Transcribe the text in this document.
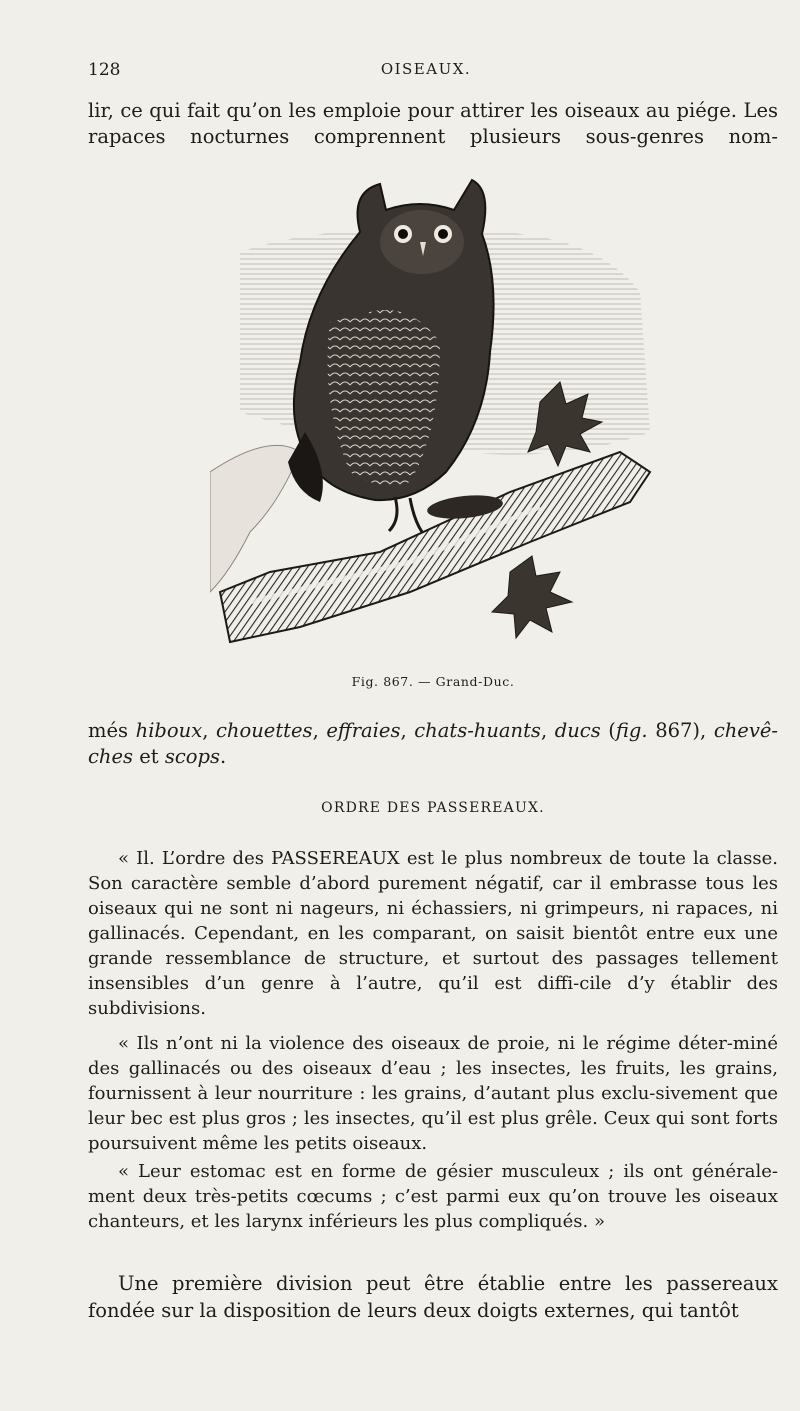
128	OISEAUX.

lir, ce qui fait qu’on les emploie pour attirer les oiseaux au piége. Les rapaces nocturnes comprennent plusieurs sous-genres nom-

Fig. 867. — Grand-Duc.

més hiboux, chouettes, effraies, chats-huants, ducs (fig. 867), chevê-ches et scops.

ORDRE DES PASSEREAUX.

« Il. L’ordre des PASSEREAUX est le plus nombreux de toute la classe. Son caractère semble d’abord purement négatif, car il embrasse tous les oiseaux qui ne sont ni nageurs, ni échassiers, ni grimpeurs, ni rapaces, ni gallinacés. Cependant, en les comparant, on saisit bientôt entre eux une grande ressemblance de structure, et surtout des passages tellement insensibles d’un genre à l’autre, qu’il est diffi-cile d’y établir des subdivisions.

« Ils n’ont ni la violence des oiseaux de proie, ni le régime déter-miné des gallinacés ou des oiseaux d’eau ; les insectes, les fruits, les grains, fournissent à leur nourriture : les grains, d’autant plus exclu-sivement que leur bec est plus gros ; les insectes, qu’il est plus grêle. Ceux qui sont forts poursuivent même les petits oiseaux.

« Leur estomac est en forme de gésier musculeux ; ils ont générale-ment deux très-petits cœcums ; c’est parmi eux qu’on trouve les oiseaux chanteurs, et les larynx inférieurs les plus compliqués. »

Une première division peut être établie entre les passereaux fondée sur la disposition de leurs deux doigts externes, qui tantôt
